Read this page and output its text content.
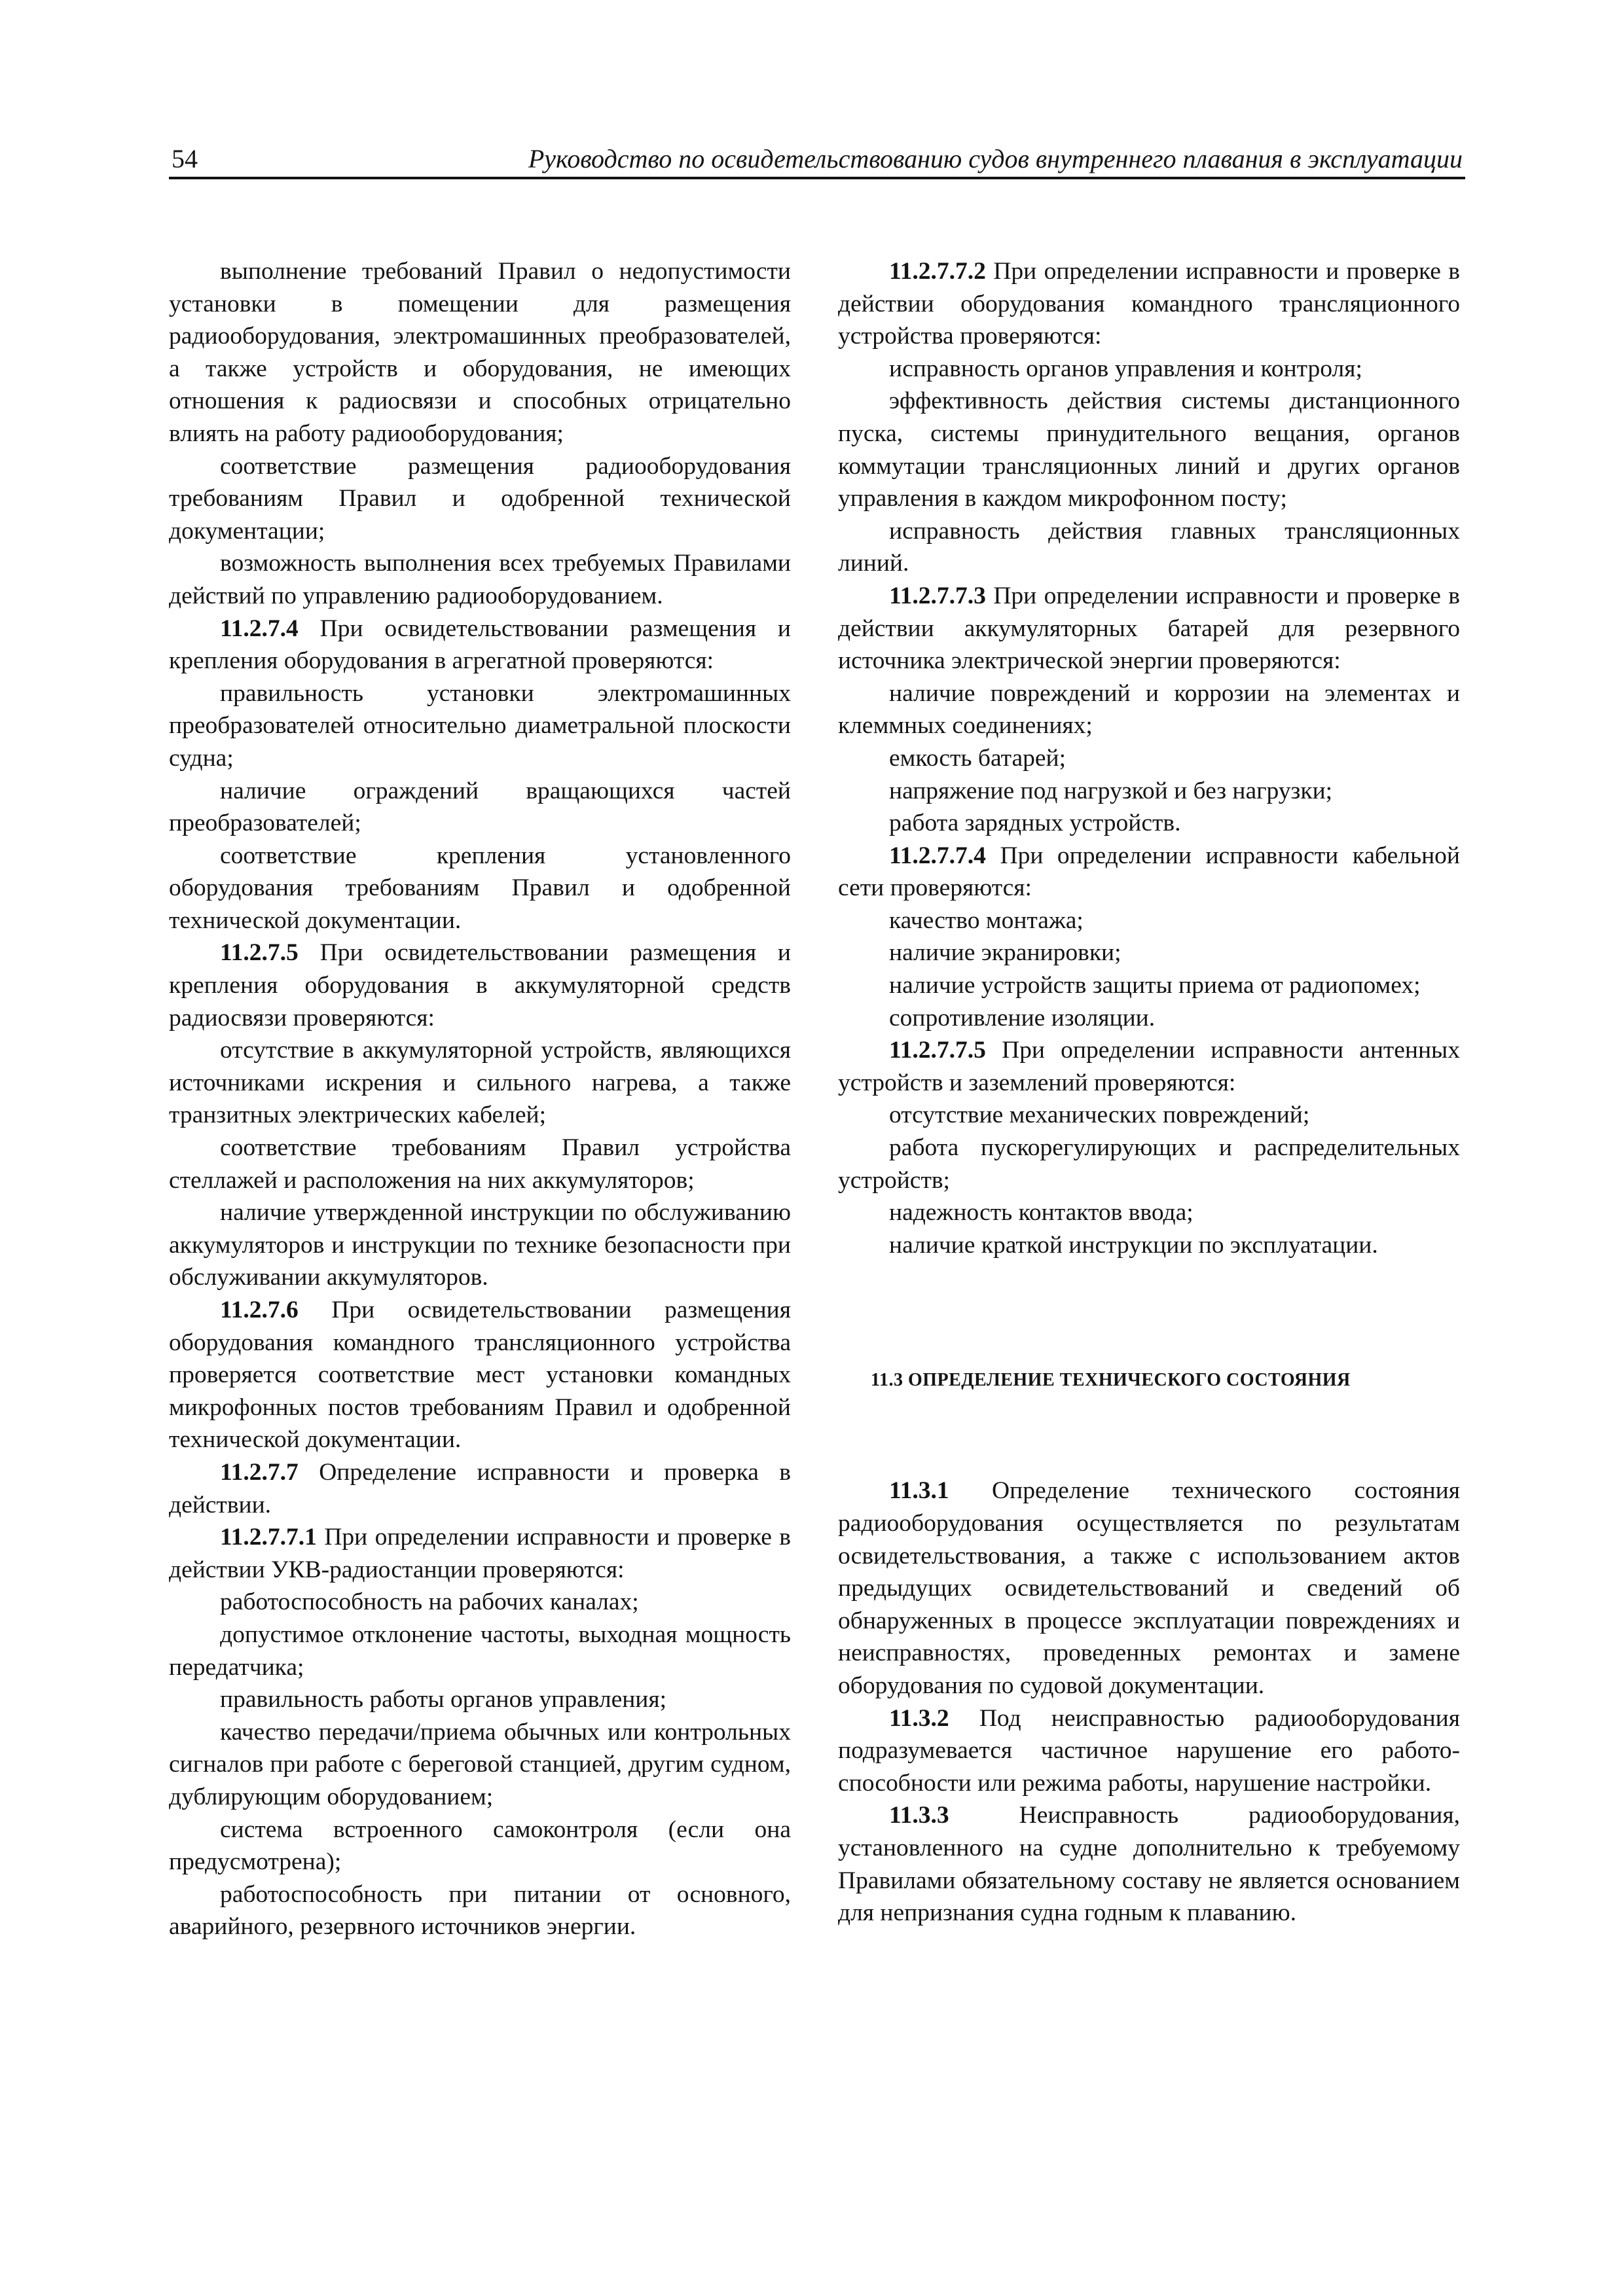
54	Руководство по освидетельствованию судов внутреннего плавания в эксплуатации

выполнение требований Правил о недопустимости установки в помещении для размещения радиооборудования, электромашинных преобразователей, а также устройств и оборудования, не имеющих отношения к радиосвязи и способных отрицательно влиять на работу радиооборудования;

соответствие размещения радиооборудования требованиям Правил и одобренной технической документации;

возможность выполнения всех требуемых Правилами действий по управлению радиооборудованием.

11.2.7.4 При освидетельствовании размещения и крепления оборудования в агрегатной проверяются:

правильность установки электромашинных преобразователей относительно диаметральной плоскости судна;

наличие ограждений вращающихся частей преобразователей;

соответствие крепления установленного оборудования требованиям Правил и одобренной технической документации.

11.2.7.5 При освидетельствовании размещения и крепления оборудования в аккумуляторной средств радиосвязи проверяются:

отсутствие в аккумуляторной устройств, являющихся источниками искрения и сильного нагрева, а также транзитных электрических кабелей;

соответствие требованиям Правил устройства стеллажей и расположения на них аккумуляторов;

наличие утвержденной инструкции по обслуживанию аккумуляторов и инструкции по технике безопасности при обслуживании аккумуляторов.

11.2.7.6 При освидетельствовании размещения оборудования командного трансляционного устройства проверяется соответствие мест установки командных микрофонных постов требованиям Правил и одобренной технической документации.

11.2.7.7 Определение исправности и проверка в действии.

11.2.7.7.1 При определении исправности и проверке в действии УКВ-радиостанции проверяются:

работоспособность на рабочих каналах;

допустимое отклонение частоты, выходная мощность передатчика;

правильность работы органов управления;

качество передачи/приема обычных или контрольных сигналов при работе с береговой станцией, другим судном, дублирующим оборудованием;

система встроенного самоконтроля (если она предусмотрена);

работоспособность при питании от основного, аварийного, резервного источников энергии.

11.2.7.7.2 При определении исправности и проверке в действии оборудования командного трансляционного устройства проверяются:

исправность органов управления и контроля;

эффективность действия системы дистанционного пуска, системы принудительного вещания, органов коммутации трансляционных линий и других органов управления в каждом микрофонном посту;

исправность действия главных трансляционных линий.

11.2.7.7.3 При определении исправности и проверке в действии аккумуляторных батарей для резервного источника электрической энергии проверяются:

наличие повреждений и коррозии на элементах и клеммных соединениях;

емкость батарей;

напряжение под нагрузкой и без нагрузки;

работа зарядных устройств.

11.2.7.7.4 При определении исправности кабельной сети проверяются:

качество монтажа;

наличие экранировки;

наличие устройств защиты приема от радиопомех;

сопротивление изоляции.

11.2.7.7.5 При определении исправности антенных устройств и заземлений проверяются:

отсутствие механических повреждений;

работа пускорегулирующих и распределительных устройств;

надежность контактов ввода;

наличие краткой инструкции по эксплуатации.

11.3 ОПРЕДЕЛЕНИЕ ТЕХНИЧЕСКОГО СОСТОЯНИЯ

11.3.1 Определение технического состояния радиооборудования осуществляется по результатам освидетельствования, а также с использованием актов предыдущих освидетельствований и сведений об обнаруженных в процессе эксплуатации повреждениях и неисправностях, проведенных ремонтах и замене оборудования по судовой документации.

11.3.2 Под неисправностью радиооборудования подразумевается частичное нарушение его работоспособности или режима работы, нарушение настройки.

11.3.3 Неисправность радиооборудования, установленного на судне дополнительно к требуемому Правилами обязательному составу не является основанием для непризнания судна годным к плаванию.
